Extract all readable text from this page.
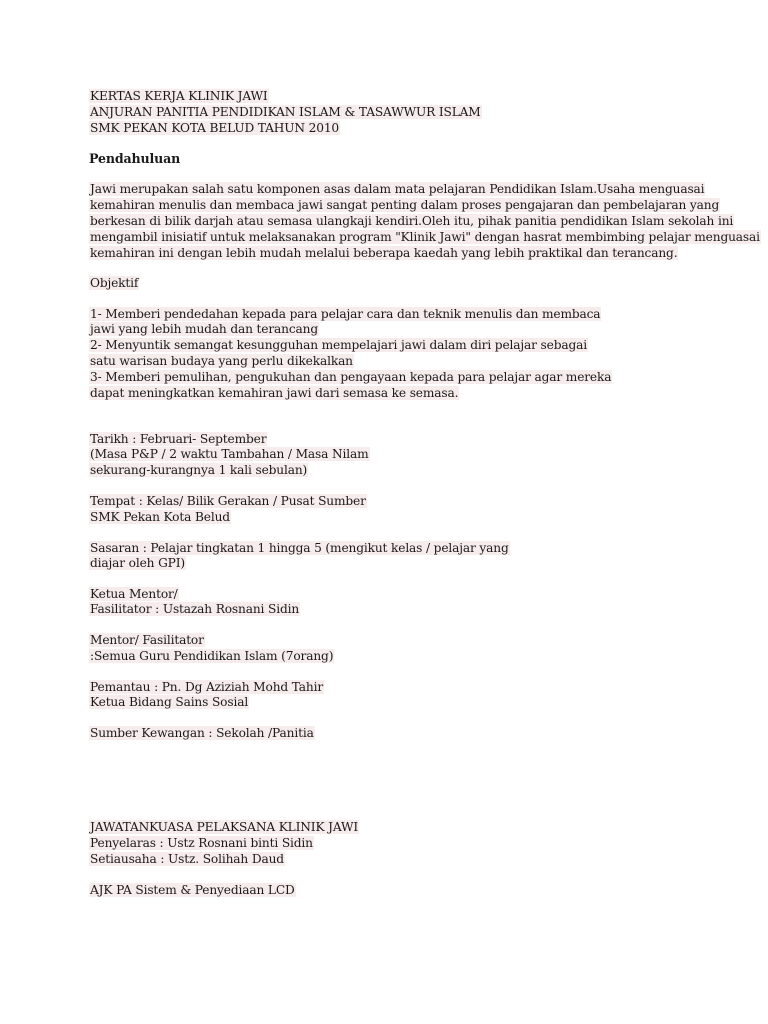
KERTAS KERJA KLINIK JAWI
ANJURAN PANITIA PENDIDIKAN ISLAM & TASAWWUR ISLAM
SMK PEKAN KOTA BELUD TAHUN 2010
Pendahuluan
Jawi merupakan salah satu komponen asas dalam mata pelajaran Pendidikan Islam.Usaha menguasai
kemahiran menulis dan membaca jawi sangat penting dalam proses pengajaran dan pembelajaran yang
berkesan di bilik darjah atau semasa ulangkaji kendiri.Oleh itu, pihak panitia pendidikan Islam sekolah ini
mengambil inisiatif untuk melaksanakan program "Klinik Jawi" dengan hasrat membimbing pelajar menguasai
kemahiran ini dengan lebih mudah melalui beberapa kaedah yang lebih praktikal dan terancang.
Objektif
1- Memberi pendedahan kepada para pelajar cara dan teknik menulis dan membaca
jawi yang lebih mudah dan terancang
2- Menyuntik semangat kesungguhan mempelajari jawi dalam diri pelajar sebagai
satu warisan budaya yang perlu dikekalkan
3- Memberi pemulihan, pengukuhan dan pengayaan kepada para pelajar agar mereka
dapat meningkatkan kemahiran jawi dari semasa ke semasa.
Tarikh : Februari- September
(Masa P&P / 2 waktu Tambahan / Masa Nilam
sekurang-kurangnya 1 kali sebulan)
Tempat : Kelas/ Bilik Gerakan / Pusat Sumber
SMK Pekan Kota Belud
Sasaran : Pelajar tingkatan 1 hingga 5 (mengikut kelas / pelajar yang
diajar oleh GPI)
Ketua Mentor/
Fasilitator : Ustazah Rosnani Sidin
Mentor/ Fasilitator
:Semua Guru Pendidikan Islam (7orang)
Pemantau : Pn. Dg Aziziah Mohd Tahir
Ketua Bidang Sains Sosial
Sumber Kewangan : Sekolah /Panitia
JAWATANKUASA PELAKSANA KLINIK JAWI
Penyelaras : Ustz Rosnani binti Sidin
Setiausaha : Ustz. Solihah Daud
AJK PA Sistem & Penyediaan LCD
